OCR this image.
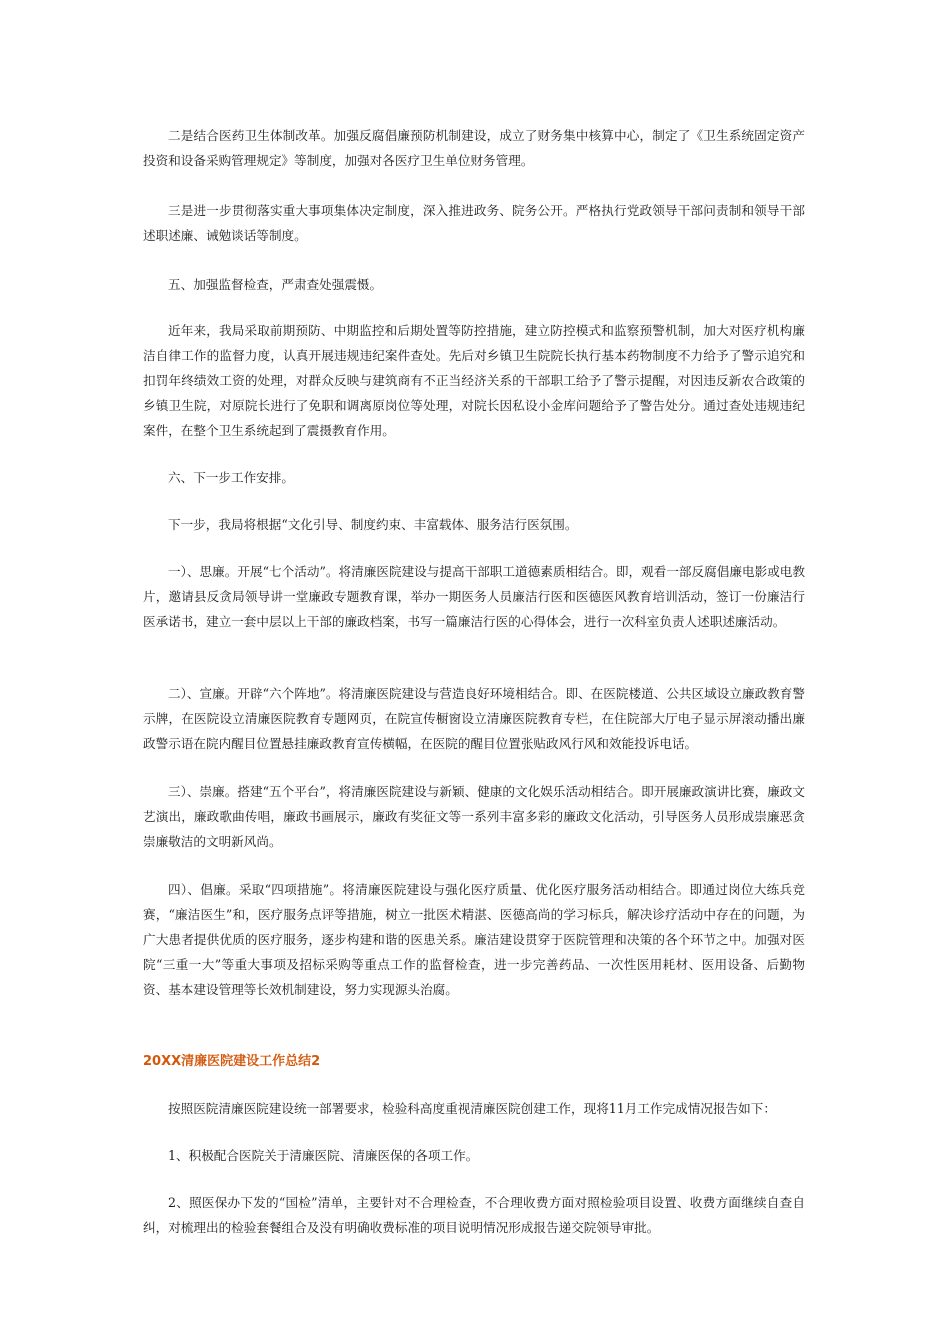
二是结合医药卫生体制改革。加强反腐倡廉预防机制建设，成立了财务集中核算中心，制定了《卫生系统固定资产投资和设备采购管理规定》等制度，加强对各医疗卫生单位财务管理。

三是进一步贯彻落实重大事项集体决定制度，深入推进政务、院务公开。严格执行党政领导干部问责制和领导干部述职述廉、诫勉谈话等制度。

五、加强监督检查，严肃查处强震慑。

近年来，我局采取前期预防、中期监控和后期处置等防控措施，建立防控模式和监察预警机制，加大对医疗机构廉洁自律工作的监督力度，认真开展违规违纪案件查处。先后对乡镇卫生院院长执行基本药物制度不力给予了警示追究和扣罚年终绩效工资的处理，对群众反映与建筑商有不正当经济关系的干部职工给予了警示提醒，对因违反新农合政策的乡镇卫生院，对原院长进行了免职和调离原岗位等处理，对院长因私设小金库问题给予了警告处分。通过查处违规违纪案件，在整个卫生系统起到了震摄教育作用。

六、下一步工作安排。

下一步，我局将根据“文化引导、制度约束、丰富载体、服务洁行医氛围。

一）、思廉。开展“七个活动”。将清廉医院建设与提高干部职工道德素质相结合。即，观看一部反腐倡廉电影或电教片，邀请县反贪局领导讲一堂廉政专题教育课，举办一期医务人员廉洁行医和医德医风教育培训活动，签订一份廉洁行医承诺书，建立一套中层以上干部的廉政档案，书写一篇廉洁行医的心得体会，进行一次科室负责人述职述廉活动。

二）、宣廉。开辟“六个阵地”。将清廉医院建设与营造良好环境相结合。即、在医院楼道、公共区域设立廉政教育警示牌，在医院设立清廉医院教育专题网页，在院宣传橱窗设立清廉医院教育专栏，在住院部大厅电子显示屏滚动播出廉政警示语在院内醒目位置悬挂廉政教育宣传横幅，在医院的醒目位置张贴政风行风和效能投诉电话。

三）、崇廉。搭建“五个平台”，将清廉医院建设与新颖、健康的文化娱乐活动相结合。即开展廉政演讲比赛，廉政文艺演出，廉政歌曲传唱，廉政书画展示，廉政有奖征文等一系列丰富多彩的廉政文化活动，引导医务人员形成崇廉恶贪崇廉敬洁的文明新风尚。

四）、倡廉。采取“四项措施”。将清廉医院建设与强化医疗质量、优化医疗服务活动相结合。即通过岗位大练兵竞赛，“廉洁医生”和，医疗服务点评等措施，树立一批医术精湛、医德高尚的学习标兵，解决诊疗活动中存在的问题，为广大患者提供优质的医疗服务，逐步构建和谐的医患关系。廉洁建设贯穿于医院管理和决策的各个环节之中。加强对医院“三重一大”等重大事项及招标采购等重点工作的监督检查，进一步完善药品、一次性医用耗材、医用设备、后勤物资、基本建设管理等长效机制建设，努力实现源头治腐。

20XX清廉医院建设工作总结2

按照医院清廉医院建设统一部署要求，检验科高度重视清廉医院创建工作，现将11月工作完成情况报告如下：

1、积极配合医院关于清廉医院、清廉医保的各项工作。

2、照医保办下发的“国检”清单，主要针对不合理检查，不合理收费方面对照检验项目设置、收费方面继续自查自纠，对梳理出的检验套餐组合及没有明确收费标准的项目说明情况形成报告递交院领导审批。
